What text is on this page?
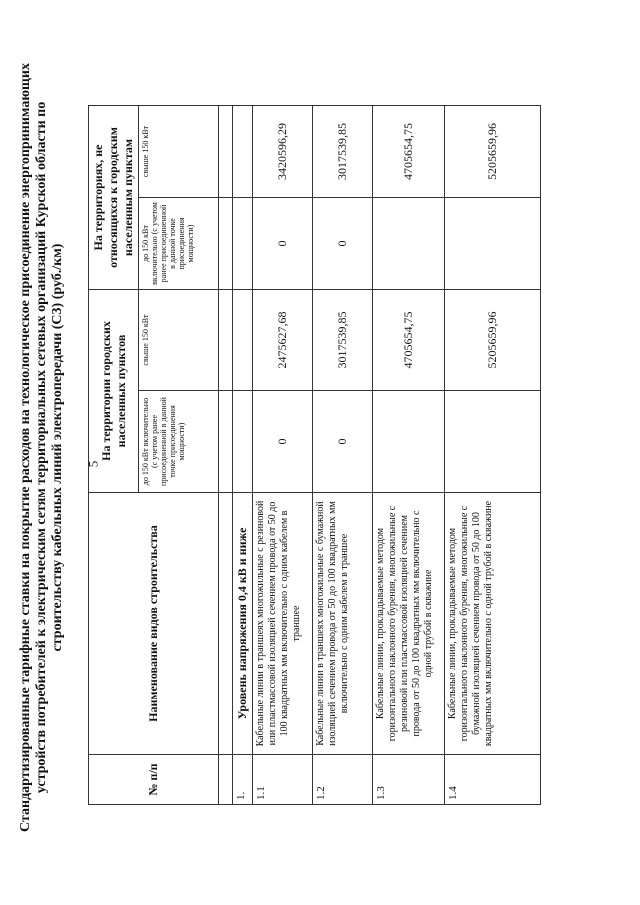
5
Стандартизированные тарифные ставки на покрытие расходов на технологическое присоединение энергопринимающих устройств потребителей к электрическим сетям территориальных сетевых организаций Курской области по строительству кабельных линий электропередачи (С3) (руб./км)
№ п/п	Наименование видов строительства	На территории городских населенных пунктов		На территориях, не относящихся к городским населенным пунктам	
		до 150 кВт включительно (с учетом ранее присоединенной в данной точке присоединения мощности)	свыше 150 кВт	до 150 кВт включительно (с учетом ранее присоединенной в данной точке присоединения мощности)	свыше 150 кВт

1.	Уровень напряжения 0,4 кВ и ниже				
1.1	Кабельные линии в траншеях многожильные с резиновой или пластмассовой изоляцией сечением провода от 50 до 100 квадратных мм включительно с одним кабелем в траншее	0	2475627,68	0	3420596,29
1.2	Кабельные линии в траншеях многожильные с бумажной изоляцией сечением провода от 50 до 100 квадратных мм включительно с одним кабелем в траншее	0	3017539,85	0	3017539,85
1.3	Кабельные линии, прокладываемые методом горизонтального наклонного бурения, многожильные с резиновой или пластмассовой изоляцией сечением провода от 50 до 100 квадратных мм включительно с одной трубой в скважине		4705654,75		4705654,75
1.4	Кабельные линии, прокладываемые методом горизонтального наклонного бурения, многожильные с бумажной изоляцией сечением провода от 50 до 100 квадратных мм включительно с одной трубой в скважине		5205659,96		5205659,96
